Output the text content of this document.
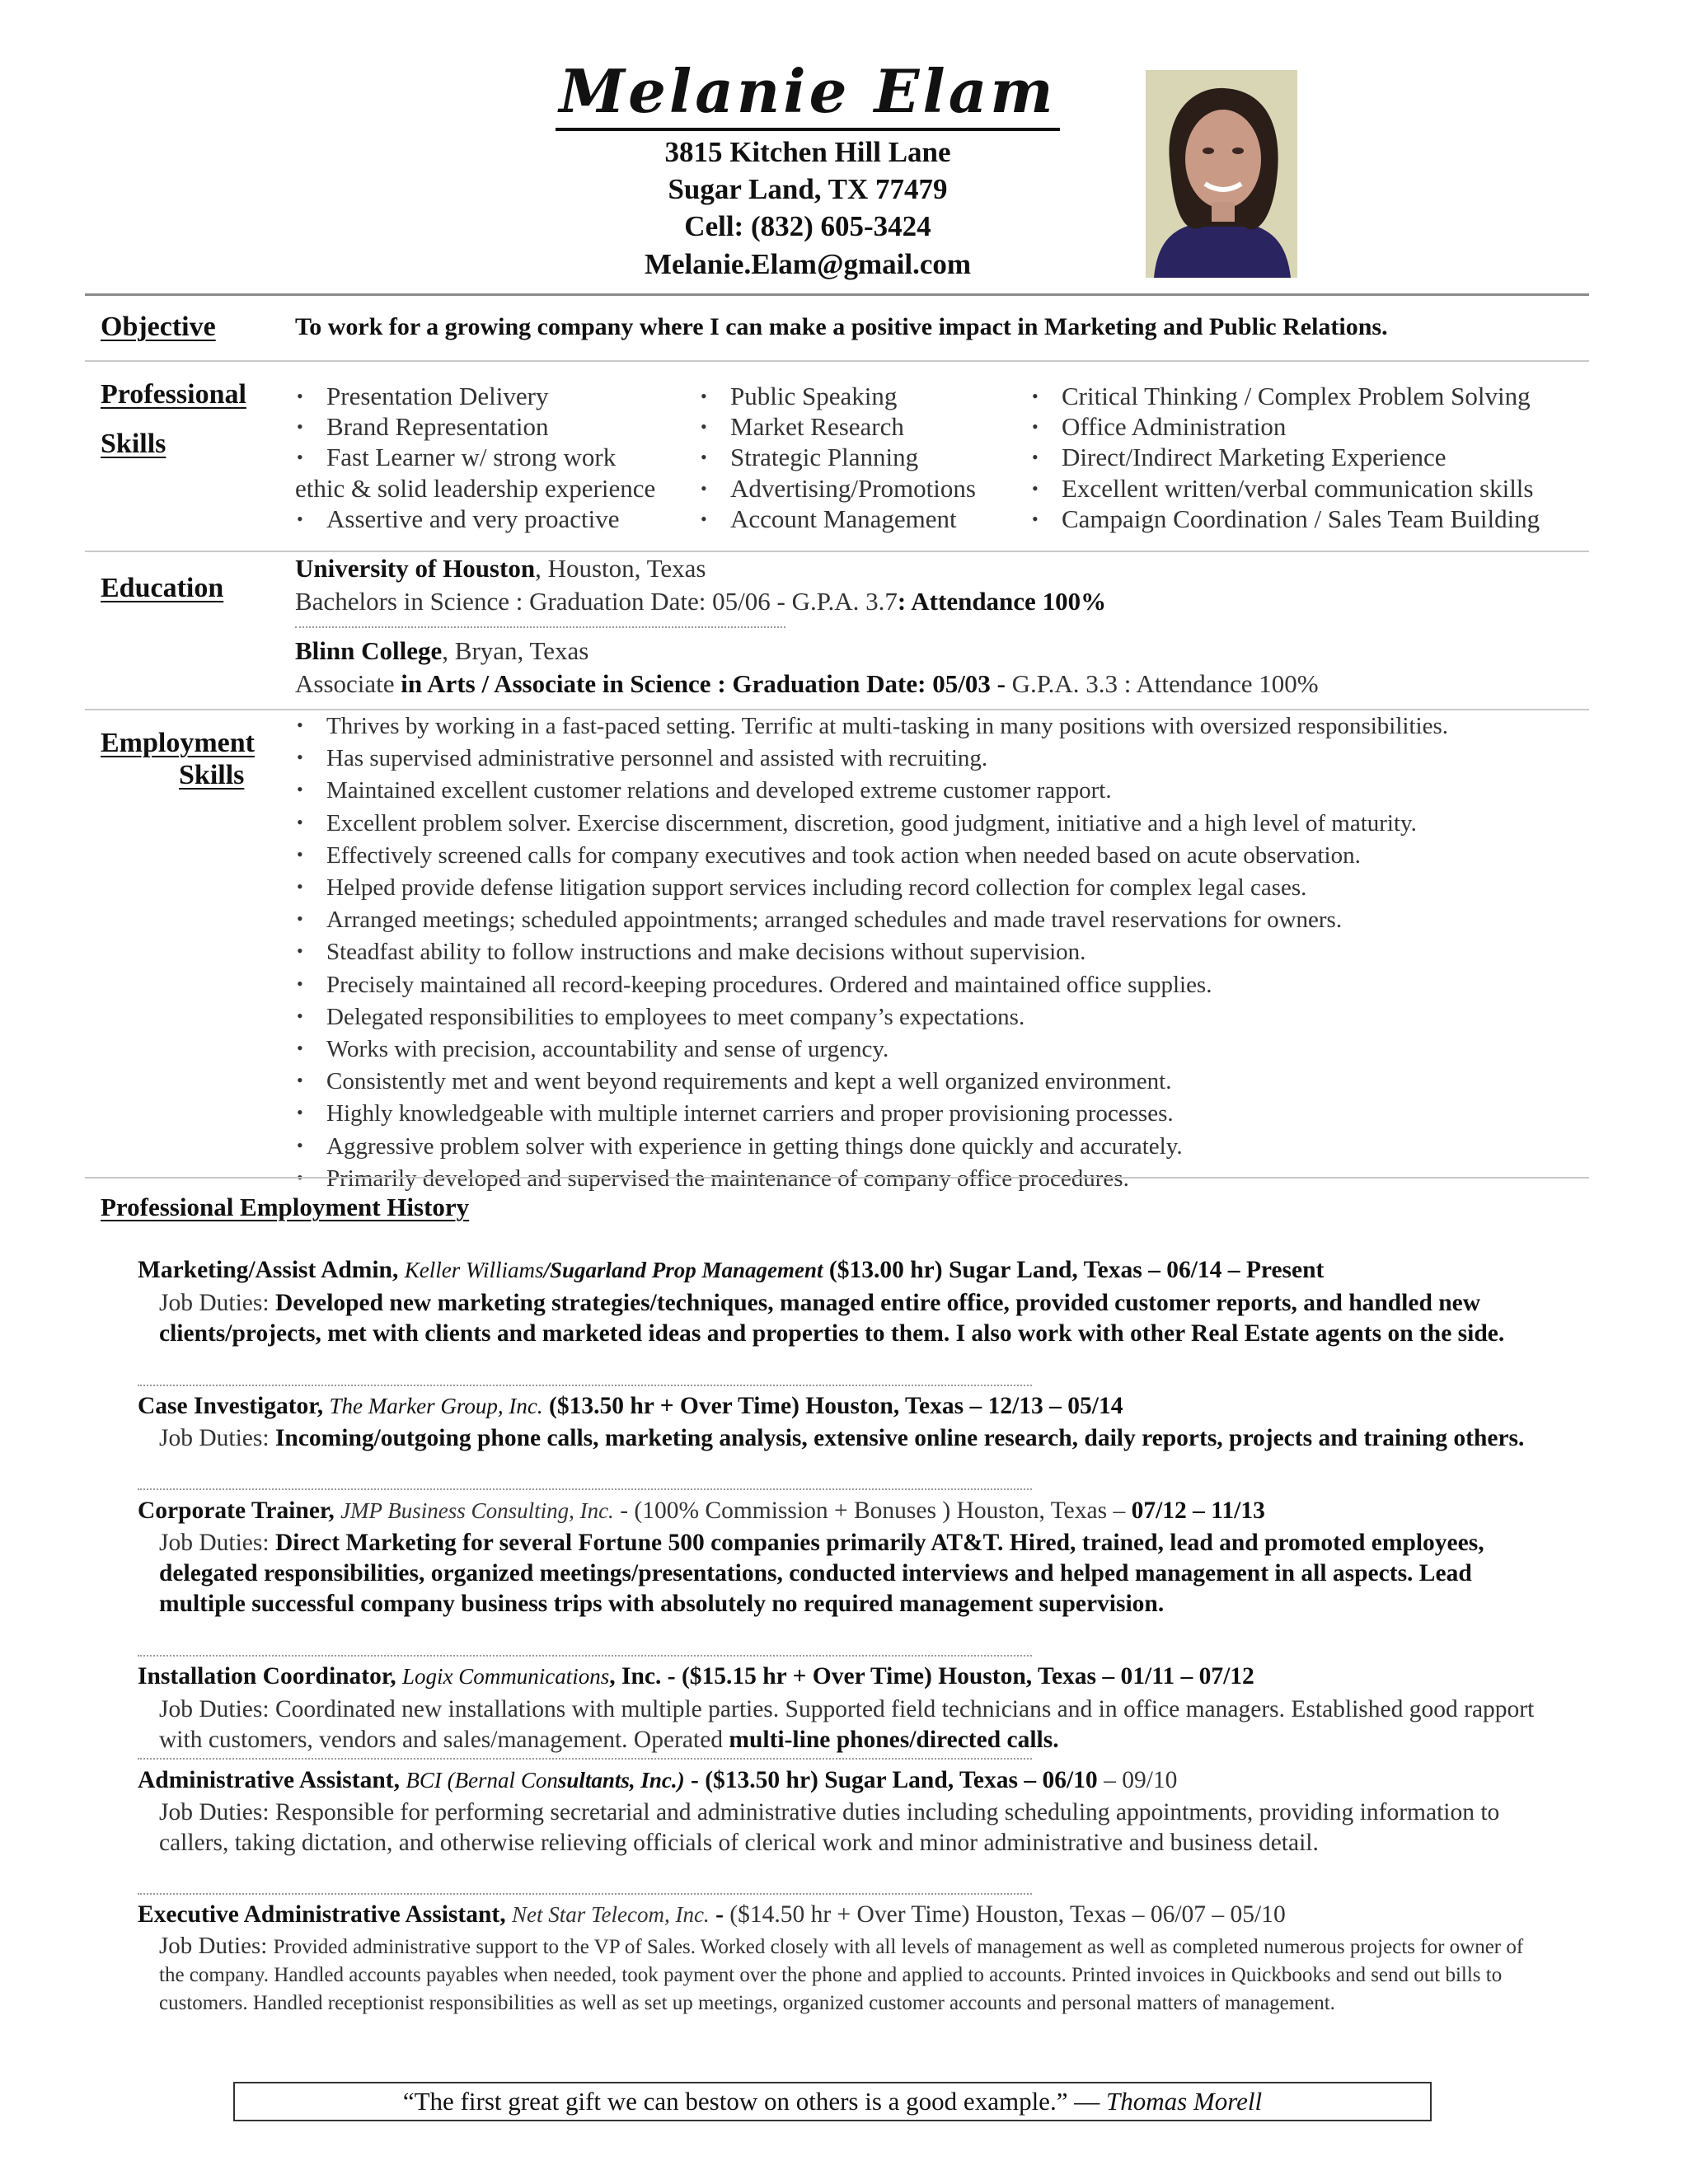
Melanie Elam
3815 Kitchen Hill Lane
Sugar Land, TX 77479
Cell: (832) 605-3424
Melanie.Elam@gmail.com
Objective	To work for a growing company where I can make a positive impact in Marketing and Public Relations.
Professional
Skills
• Presentation Delivery
• Brand Representation
• Fast Learner w/ strong work
ethic & solid leadership experience
• Assertive and very proactive
• Public Speaking
• Market Research
• Strategic Planning
• Advertising/Promotions
• Account Management
• Critical Thinking / Complex Problem Solving
• Office Administration
• Direct/Indirect Marketing Experience
• Excellent written/verbal communication skills
• Campaign Coordination / Sales Team Building
Education
University of Houston, Houston, Texas
Bachelors in Science : Graduation Date: 05/06 - G.P.A. 3.7: Attendance 100%
Blinn College, Bryan, Texas
Associate in Arts / Associate in Science : Graduation Date: 05/03 - G.P.A. 3.3 : Attendance 100%
Employment
Skills
• Thrives by working in a fast-paced setting. Terrific at multi-tasking in many positions with oversized responsibilities.
• Has supervised administrative personnel and assisted with recruiting.
• Maintained excellent customer relations and developed extreme customer rapport.
• Excellent problem solver. Exercise discernment, discretion, good judgment, initiative and a high level of maturity.
• Effectively screened calls for company executives and took action when needed based on acute observation.
• Helped provide defense litigation support services including record collection for complex legal cases.
• Arranged meetings; scheduled appointments; arranged schedules and made travel reservations for owners.
• Steadfast ability to follow instructions and make decisions without supervision.
• Precisely maintained all record-keeping procedures. Ordered and maintained office supplies.
• Delegated responsibilities to employees to meet company’s expectations.
• Works with precision, accountability and sense of urgency.
• Consistently met and went beyond requirements and kept a well organized environment.
• Highly knowledgeable with multiple internet carriers and proper provisioning processes.
• Aggressive problem solver with experience in getting things done quickly and accurately.
• Primarily developed and supervised the maintenance of company office procedures.
Professional Employment History
Marketing/Assist Admin, Keller Williams/Sugarland Prop Management ($13.00 hr) Sugar Land, Texas – 06/14 – Present
Job Duties: Developed new marketing strategies/techniques, managed entire office, provided customer reports, and handled new clients/projects, met with clients and marketed ideas and properties to them. I also work with other Real Estate agents on the side.
Case Investigator, The Marker Group, Inc. ($13.50 hr + Over Time) Houston, Texas – 12/13 – 05/14
Job Duties: Incoming/outgoing phone calls, marketing analysis, extensive online research, daily reports, projects and training others.
Corporate Trainer, JMP Business Consulting, Inc. - (100% Commission + Bonuses ) Houston, Texas – 07/12 – 11/13
Job Duties: Direct Marketing for several Fortune 500 companies primarily AT&T. Hired, trained, lead and promoted employees, delegated responsibilities, organized meetings/presentations, conducted interviews and helped management in all aspects. Lead multiple successful company business trips with absolutely no required management supervision.
Installation Coordinator, Logix Communications, Inc. - ($15.15 hr + Over Time) Houston, Texas – 01/11 – 07/12
Job Duties: Coordinated new installations with multiple parties. Supported field technicians and in office managers. Established good rapport with customers, vendors and sales/management. Operated multi-line phones/directed calls.
Administrative Assistant, BCI (Bernal Consultants, Inc.) - ($13.50 hr) Sugar Land, Texas – 06/10 – 09/10
Job Duties: Responsible for performing secretarial and administrative duties including scheduling appointments, providing information to callers, taking dictation, and otherwise relieving officials of clerical work and minor administrative and business detail.
Executive Administrative Assistant, Net Star Telecom, Inc. - ($14.50 hr + Over Time) Houston, Texas – 06/07 – 05/10
Job Duties: Provided administrative support to the VP of Sales. Worked closely with all levels of management as well as completed numerous projects for owner of the company. Handled accounts payables when needed, took payment over the phone and applied to accounts. Printed invoices in Quickbooks and send out bills to customers. Handled receptionist responsibilities as well as set up meetings, organized customer accounts and personal matters of management.
“The first great gift we can bestow on others is a good example.” — Thomas Morell
